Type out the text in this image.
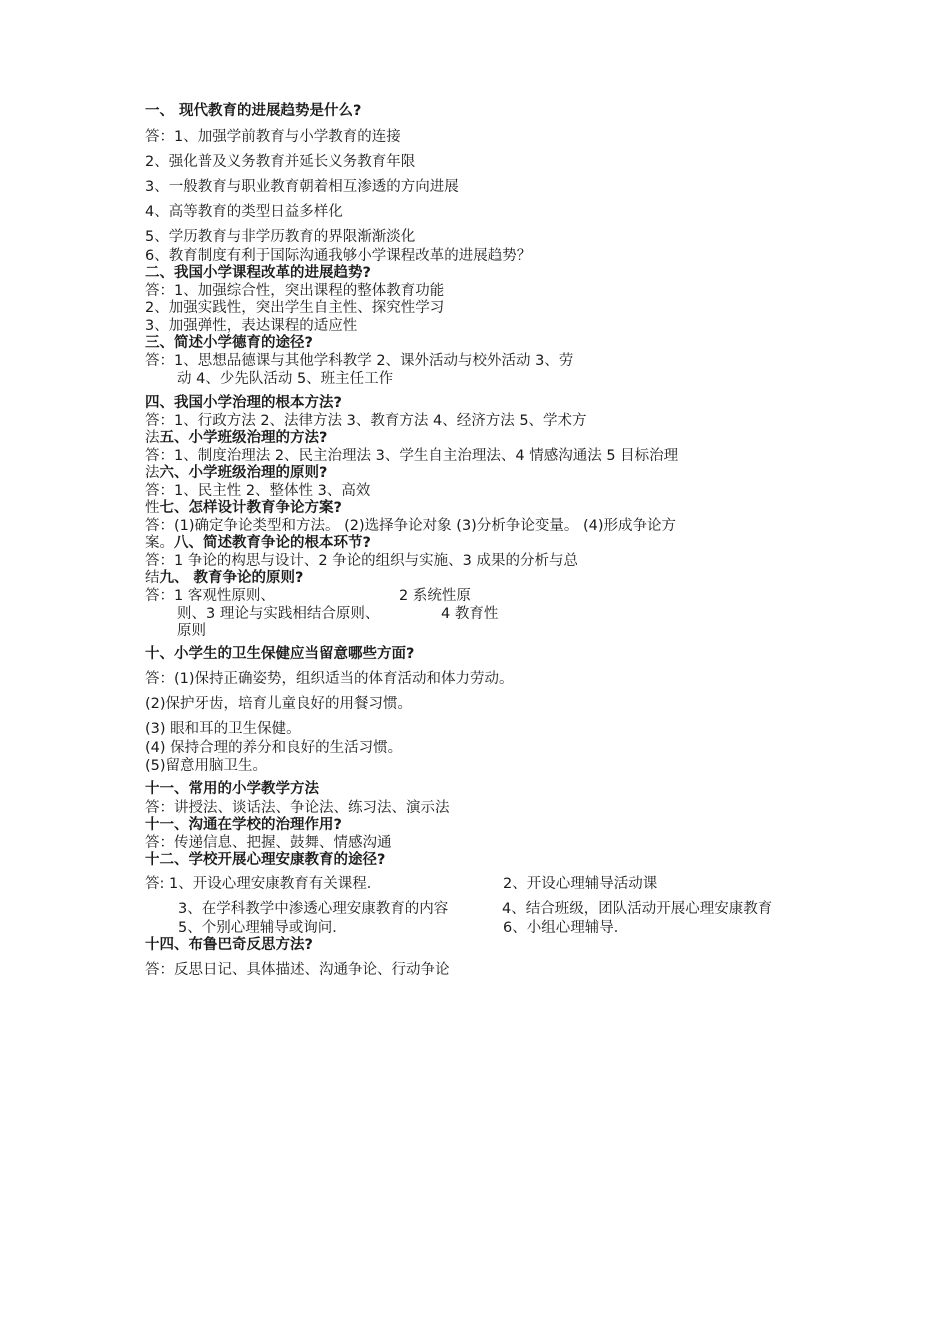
一、 现代教育的进展趋势是什么?
答：1、加强学前教育与小学教育的连接
2、强化普及义务教育并延长义务教育年限
3、一般教育与职业教育朝着相互渗透的方向进展
4、高等教育的类型日益多样化
5、学历教育与非学历教育的界限渐渐淡化
6、教育制度有利于国际沟通我够小学课程改革的进展趋势？
二、我国小学课程改革的进展趋势?
答：1、加强综合性，突出课程的整体教育功能
2、加强实践性，突出学生自主性、探究性学习
3、加强弹性，表达课程的适应性
三、简述小学德育的途径?
答：1、思想品德课与其他学科教学 2、课外活动与校外活动 3、劳
动 4、少先队活动 5、班主任工作
四、我国小学治理的根本方法?
答：1、行政方法 2、法律方法 3、教育方法 4、经济方法 5、学术方
法五、小学班级治理的方法?
答：1、制度治理法 2、民主治理法 3、学生自主治理法、4 情感沟通法 5 目标治理
法六、小学班级治理的原则?
答：1、民主性 2、整体性 3、高效
性七、怎样设计教育争论方案?
答：(1)确定争论类型和方法。 (2)选择争论对象 (3)分析争论变量。 (4)形成争论方
案。八、简述教育争论的根本环节?
答：1 争论的构思与设计、2 争论的组织与实施、3 成果的分析与总
结九、 教育争论的原则?
答：1 客观性原则、	2 系统性原
则、3 理论与实践相结合原则、	4 教育性
原则
十、小学生的卫生保健应当留意哪些方面?
答：(1)保持正确姿势，组织适当的体育活动和体力劳动。
(2)保护牙齿，培育儿童良好的用餐习惯。
(3) 眼和耳的卫生保健。
(4) 保持合理的养分和良好的生活习惯。
(5)留意用脑卫生。
十一、常用的小学教学方法
答：讲授法、谈话法、争论法、练习法、演示法
十一、沟通在学校的治理作用?
答：传递信息、把握、鼓舞、情感沟通
十二、学校开展心理安康教育的途径?
答: 1、开设心理安康教育有关课程．	2、开设心理辅导活动课
3、在学科教学中渗透心理安康教育的内容	4、结合班级，团队活动开展心理安康教育
5、个别心理辅导或询问．	6、小组心理辅导．
十四、布鲁巴奇反思方法?
答：反思日记、具体描述、沟通争论、行动争论
